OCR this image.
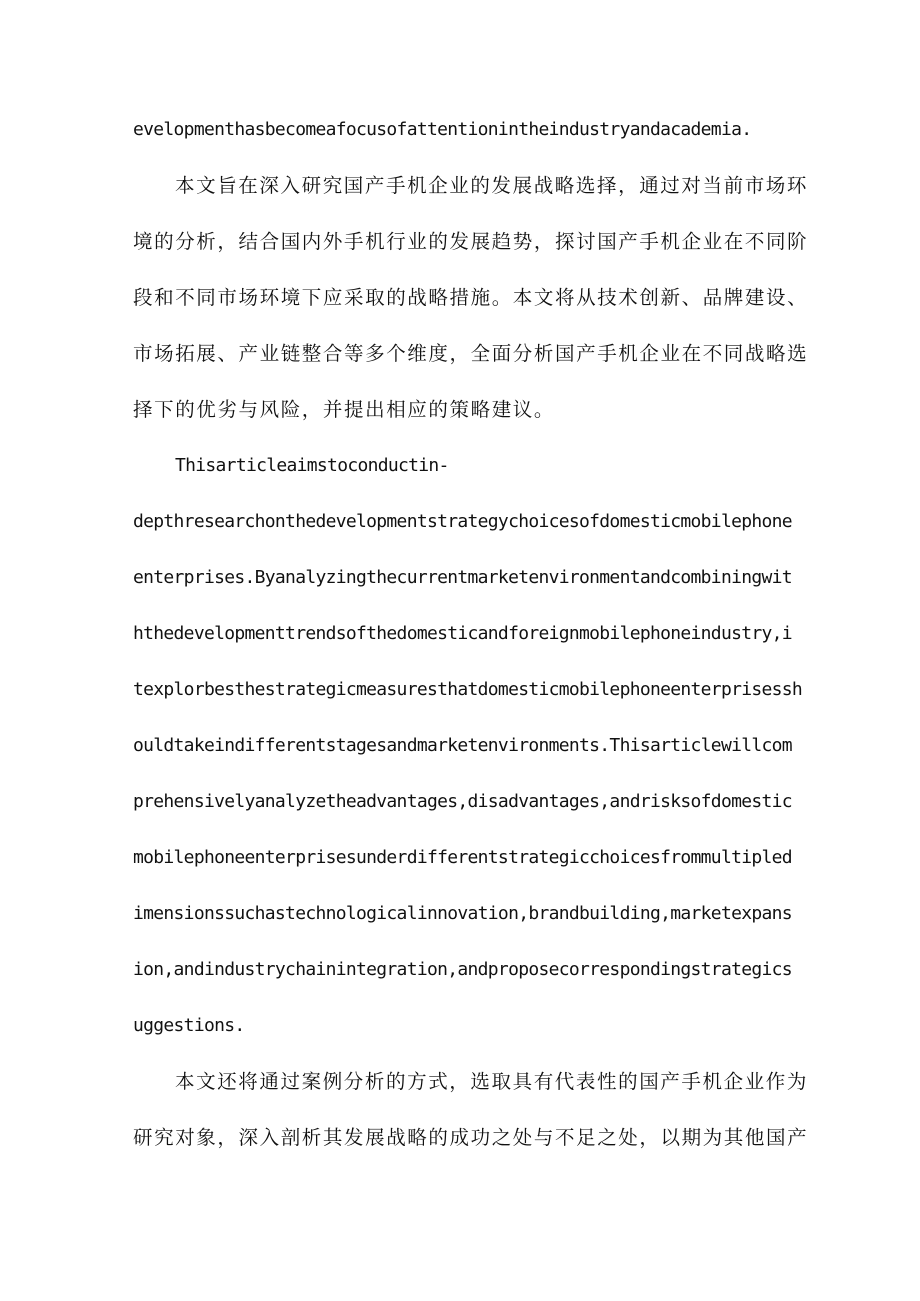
evelopmenthasbecomeafocusofattentionintheindustryandacademia.
本文旨在深入研究国产手机企业的发展战略选择，通过对当前市场环
境的分析，结合国内外手机行业的发展趋势，探讨国产手机企业在不同阶
段和不同市场环境下应采取的战略措施。本文将从技术创新、品牌建设、
市场拓展、产业链整合等多个维度，全面分析国产手机企业在不同战略选
择下的优劣与风险，并提出相应的策略建议。
Thisarticleaimstoconductin-
depthresearchonthedevelopmentstrategychoicesofdomesticmobilephone
enterprises.Byanalyzingthecurrentmarketenvironmentandcombiningwit
hthedevelopmenttrendsofthedomesticandforeignmobilephoneindustry,i
texplorbesthestrategicmeasuresthatdomesticmobilephoneenterprisessh
ouldtakeindifferentstagesandmarketenvironments.Thisarticlewillcom
prehensivelyanalyzetheadvantages,disadvantages,andrisksofdomestic
mobilephoneenterprisesunderdifferentstrategicchoicesfrommultipled
imensionssuchastechnologicalinnovation,brandbuilding,marketexpans
ion,andindustrychainintegration,andproposecorrespondingstrategics
uggestions.
本文还将通过案例分析的方式，选取具有代表性的国产手机企业作为
研究对象，深入剖析其发展战略的成功之处与不足之处，以期为其他国产
